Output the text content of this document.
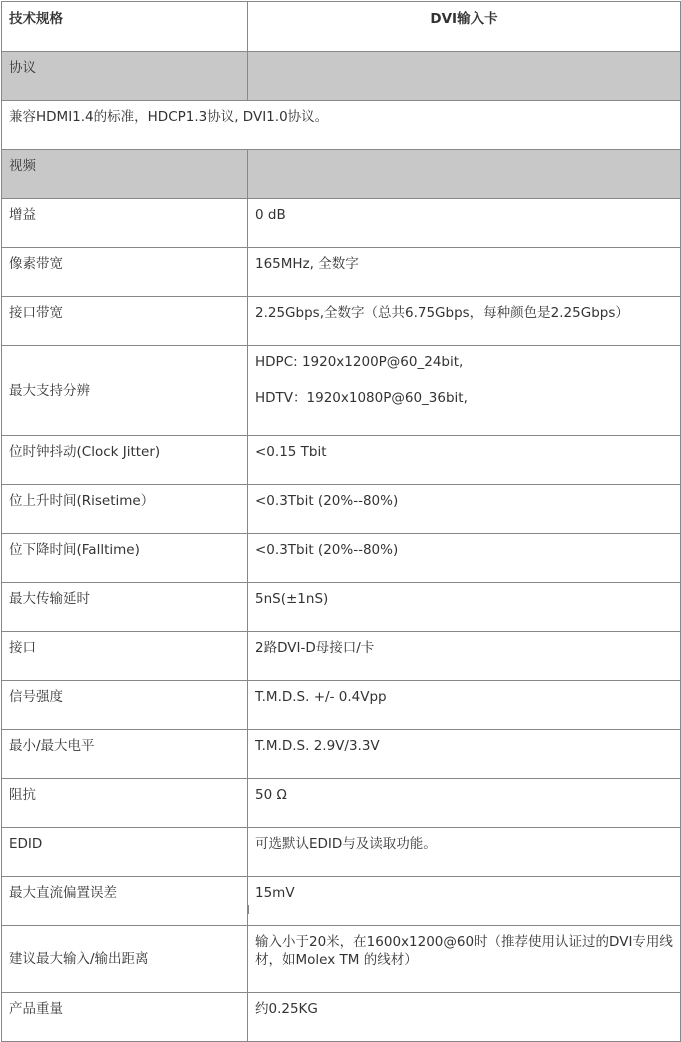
技术规格	DVI输入卡
协议	
兼容HDMI1.4的标准，HDCP1.3协议, DVI1.0协议。	
视频	
增益	0 dB
像素带宽	165MHz, 全数字
接口带宽	2.25Gbps,全数字（总共6.75Gbps，每种颜色是2.25Gbps）
最大支持分辨	HDPC: 1920x1200P@60_24bit,
HDTV：1920x1080P@60_36bit,

位时钟抖动(Clock Jitter)	<0.15 Tbit
位上升时间(Risetime）	<0.3Tbit (20%--80%)
位下降时间(Falltime)	<0.3Tbit (20%--80%)
最大传输延时	5nS(±1nS)
接口	2路DVI-D母接口/卡
信号强度	T.M.D.S. +/- 0.4Vpp
最小/最大电平	T.M.D.S. 2.9V/3.3V
阻抗	50 Ω
EDID	可选默认EDID与及读取功能。
最大直流偏置误差	15mV
建议最大输入/输出距离	输入小于20米，在1600x1200@60时（推荐使用认证过的DVI专用线材，如Molex TM 的线材）
产品重量	约0.25KG
